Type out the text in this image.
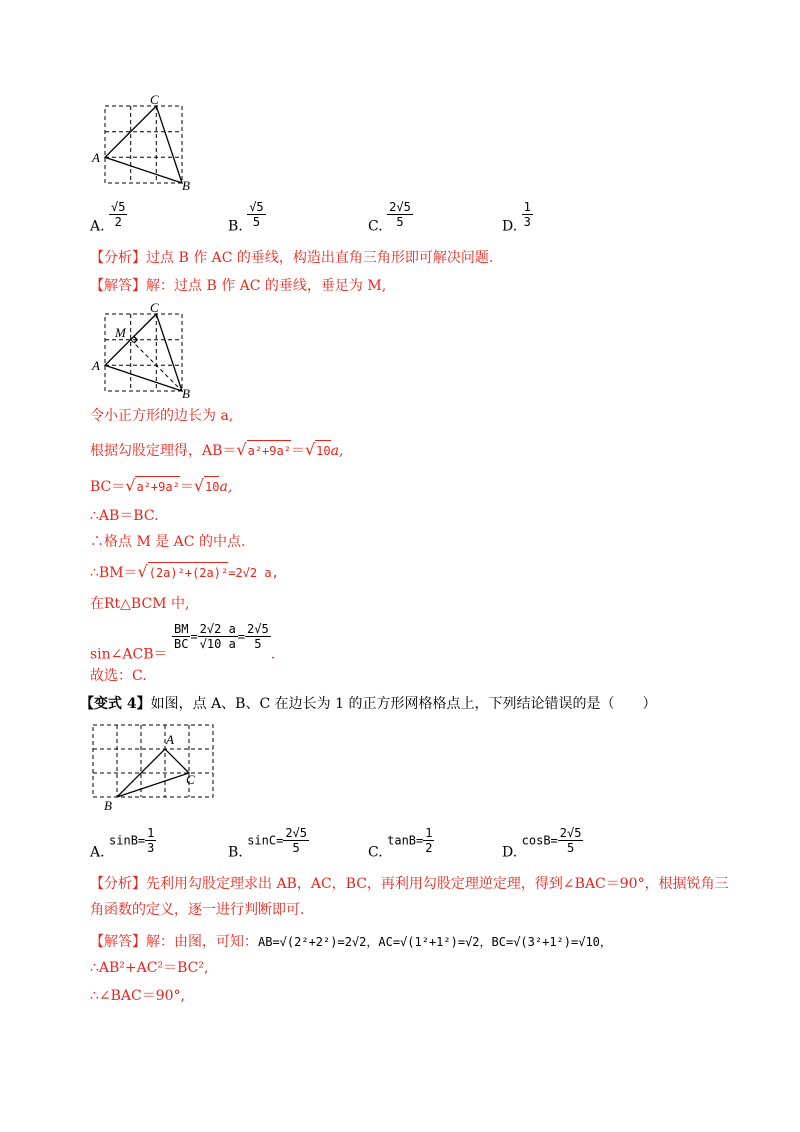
A
C
B
A. $\frac{√5}{2}$	B. $\frac{√5}{5}$	C. $\frac{2√5}{5}$	D. $\frac{1}{3}$
【分析】过点 B 作 AC 的垂线，构造出直角三角形即可解决问题.
【解答】解：过点 B 作 AC 的垂线，垂足为 M,
A
C
B
M
令小正方形的边长为 a,
根据勾股定理得，AB＝√a²+9a²＝√10a,
BC＝√a²+9a²＝√10a,
∴AB＝BC.
∴格点 M 是 AC 的中点.
∴BM＝√(2a)²+(2a)²=2√2 a,
在Rt△BCM 中,
sin∠ACB＝
$\frac{BM}{BC} = \frac{2√2 a}{√10 a} = \frac{2√5}{5}$
.
故选：C.
【变式 4】如图，点 A、B、C 在边长为 1 的正方形网格格点上，下列结论错误的是（　　）
A
C
B
A. $\sin B= \frac{1}{3}$	B. $\sin C= \frac{2√5}{5}$	C. $\tan B= \frac{1}{2}$	D. $\cos B= \frac{2√5}{5}$
【分析】先利用勾股定理求出 AB，AC，BC，再利用勾股定理逆定理，得到∠BAC＝90°，根据锐角三
角函数的定义，逐一进行判断即可.
【解答】解：由图，可知：AB=√(2²+2²)=2√2，AC=√(1²+1²)=√2，BC=√(3²+1²)=√10，
∴AB²+AC²＝BC²,
∴∠BAC＝90°,
